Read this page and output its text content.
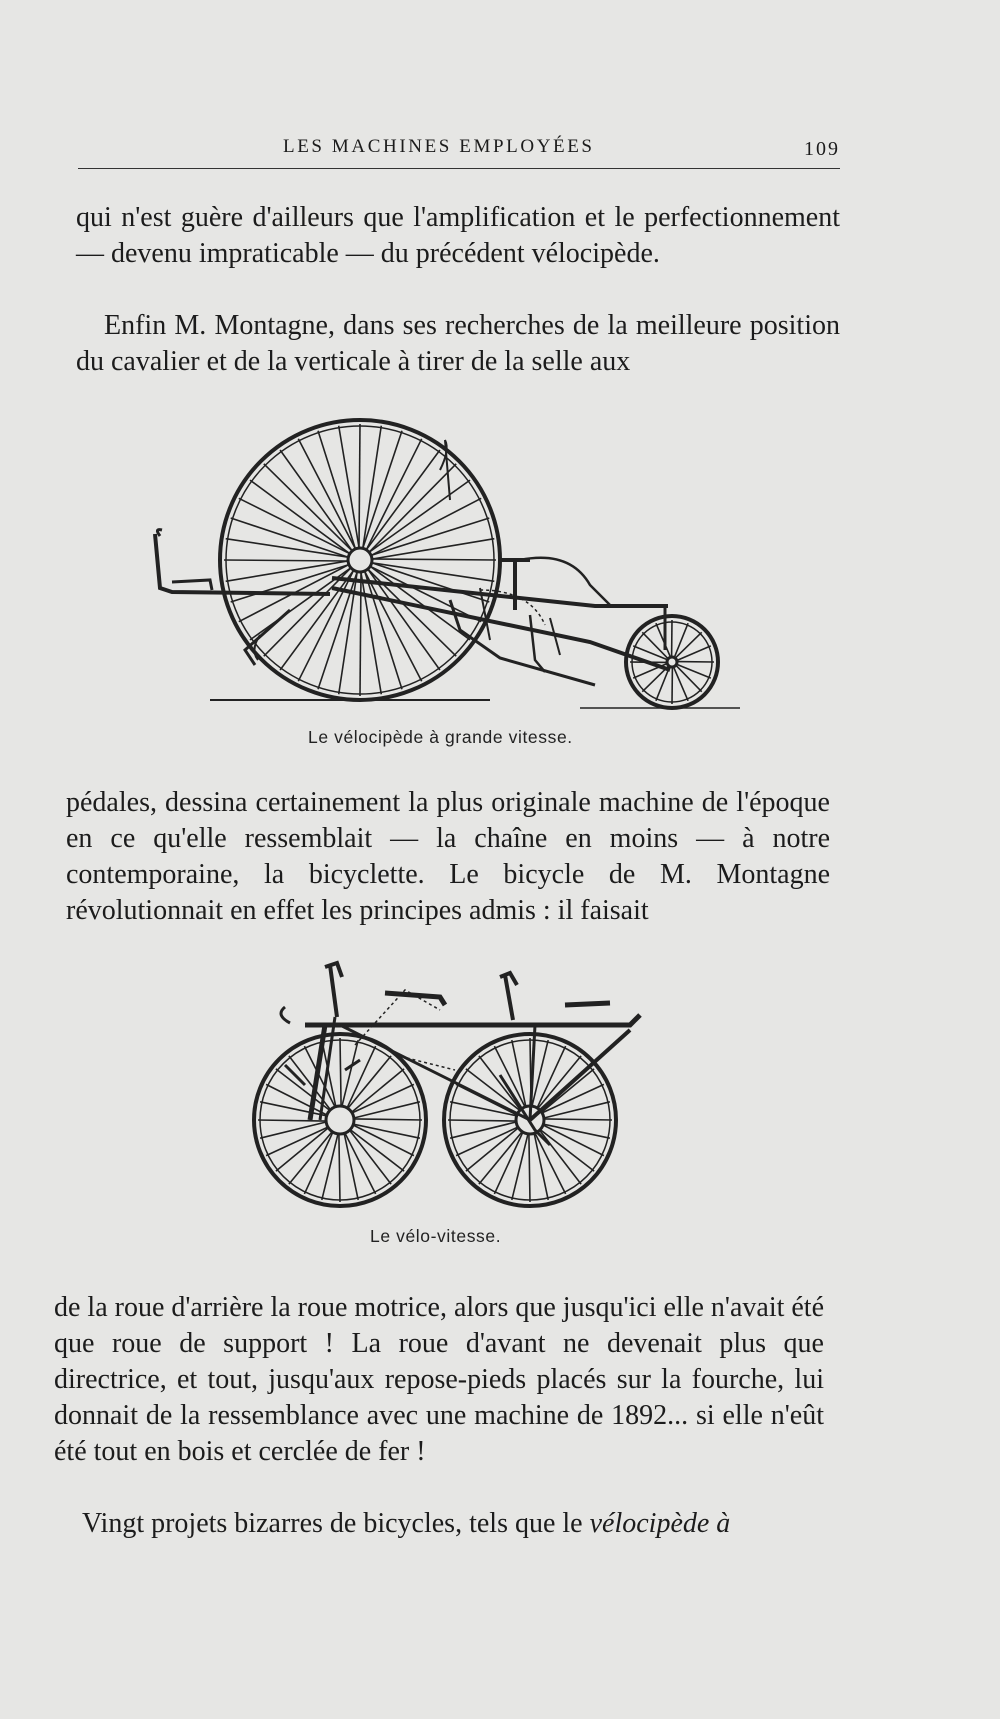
LES MACHINES EMPLOYÉES	109

qui n'est guère d'ailleurs que l'amplification et le perfectionnement — devenu impraticable — du précédent vélocipède.

Enfin M. Montagne, dans ses recherches de la meilleure position du cavalier et de la verticale à tirer de la selle aux

Le vélocipède à grande vitesse.

pédales, dessina certainement la plus originale machine de l'époque en ce qu'elle ressemblait — la chaîne en moins — à notre contemporaine, la bicyclette. Le bicycle de M. Montagne révolutionnait en effet les principes admis : il faisait

Le vélo-vitesse.

de la roue d'arrière la roue motrice, alors que jusqu'ici elle n'avait été que roue de support ! La roue d'avant ne devenait plus que directrice, et tout, jusqu'aux repose-pieds placés sur la fourche, lui donnait de la ressemblance avec une machine de 1892... si elle n'eût été tout en bois et cerclée de fer !

Vingt projets bizarres de bicycles, tels que le vélocipède à
